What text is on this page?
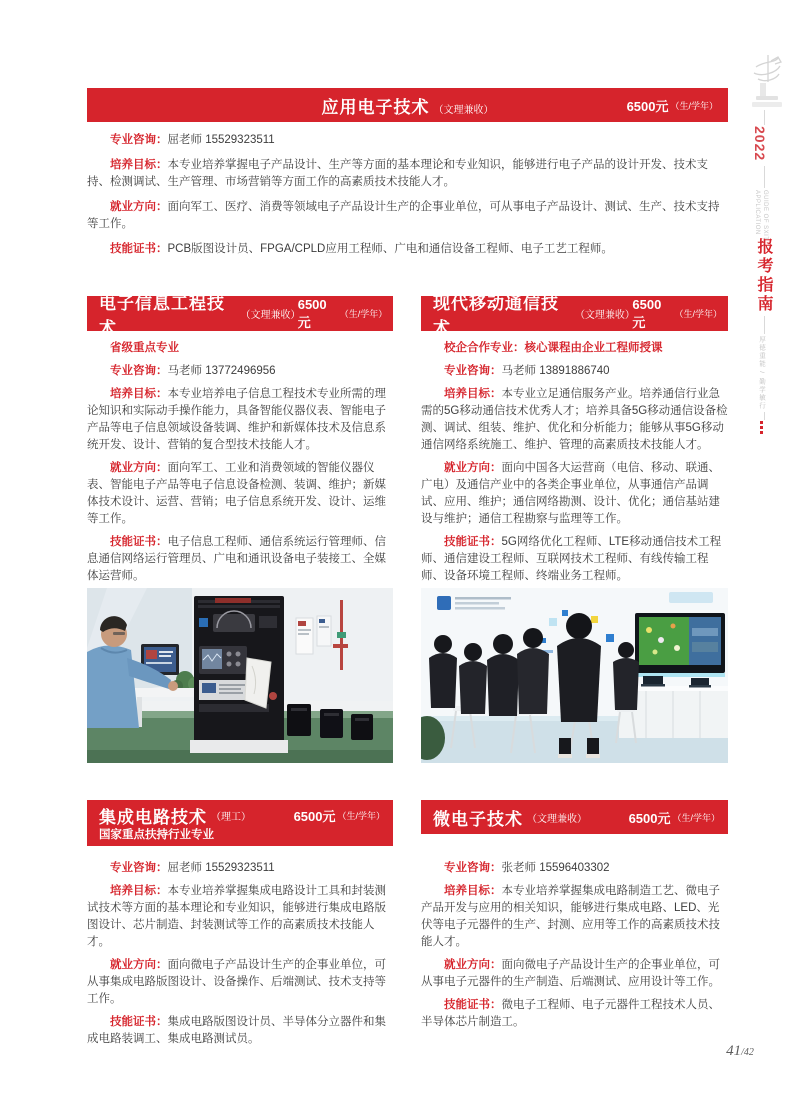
应用电子技术 （文理兼收）	6500元 （生/学年）

专业咨询：屈老师 15529323511

培养目标：本专业培养掌握电子产品设计、生产等方面的基本理论和专业知识，能够进行电子产品的设计开发、技术支持、检测调试、生产管理、市场营销等方面工作的高素质技术技能人才。

就业方向：面向军工、医疗、消费等领域电子产品设计生产的企事业单位，可从事电子产品设计、测试、生产、技术支持等工作。

技能证书：PCB版图设计员、FPGA/CPLD应用工程师、广电和通信设备工程师、电子工艺工程师。

电子信息工程技术
（文理兼收）
6500元
（生/学年）

省级重点专业

专业咨询：马老师 13772496956

培养目标：本专业培养电子信息工程技术专业所需的理论知识和实际动手操作能力，具备智能仪器仪表、智能电子产品等电子信息领域设备装调、维护和新媒体技术及信息系统开发、设计、营销的复合型技术技能人才。

就业方向：面向军工、工业和消费领域的智能仪器仪表、智能电子产品等电子信息设备检测、装调、维护；新媒体技术设计、运营、营销；电子信息系统开发、设计、运维等工作。

技能证书：电子信息工程师、通信系统运行管理师、信息通信网络运行管理员、广电和通讯设备电子装接工、全媒体运营师。

现代移动通信技术
（文理兼收）
6500元
（生/学年）

校企合作专业：核心课程由企业工程师授课

专业咨询：马老师 13891886740

培养目标：本专业立足通信服务产业。培养通信行业急需的5G移动通信技术优秀人才；培养具备5G移动通信设备检测、调试、组装、维护、优化和分析能力；能够从事5G移动通信网络系统施工、维护、管理的高素质技术技能人才。

就业方向：面向中国各大运营商（电信、移动、联通、广电）及通信产业中的各类企事业单位，从事通信产品调试、应用、维护；通信网络勘测、设计、优化；通信基站建设与维护；通信工程勘察与监理等工作。

技能证书：5G网络优化工程师、LTE移动通信技术工程师、通信建设工程师、互联网技术工程师、有线传输工程师、设备环境工程师、终端业务工程师。

集成电路技术 （理工）	6500元 （生/学年）
国家重点扶持行业专业

专业咨询：屈老师 15529323511

培养目标：本专业培养掌握集成电路设计工具和封装测试技术等方面的基本理论和专业知识，能够进行集成电路版图设计、芯片制造、封装测试等工作的高素质技术技能人才。

就业方向：面向微电子产品设计生产的企事业单位，可从事集成电路版图设计、设备操作、后端测试、技术支持等工作。

技能证书：集成电路版图设计员、半导体分立器件和集成电路装调工、集成电路测试员。

微电子技术 （文理兼收）	6500元 （生/学年）

专业咨询：张老师 15596403302

培养目标：本专业培养掌握集成电路制造工艺、微电子产品开发与应用的相关知识，能够进行集成电路、LED、光伏等电子元器件的生产、封测、应用等工作的高素质技术技能人才。

就业方向：面向微电子产品设计生产的企事业单位，可从事电子元器件的生产制造、后端测试、应用设计等工作。

技能证书：微电子工程师、电子元器件工程技术人员、半导体芯片制造工。

2022
APPLICATION GUIDE OF SXIT
报考指南
厚德重能 / 勤学敏行
41/42
